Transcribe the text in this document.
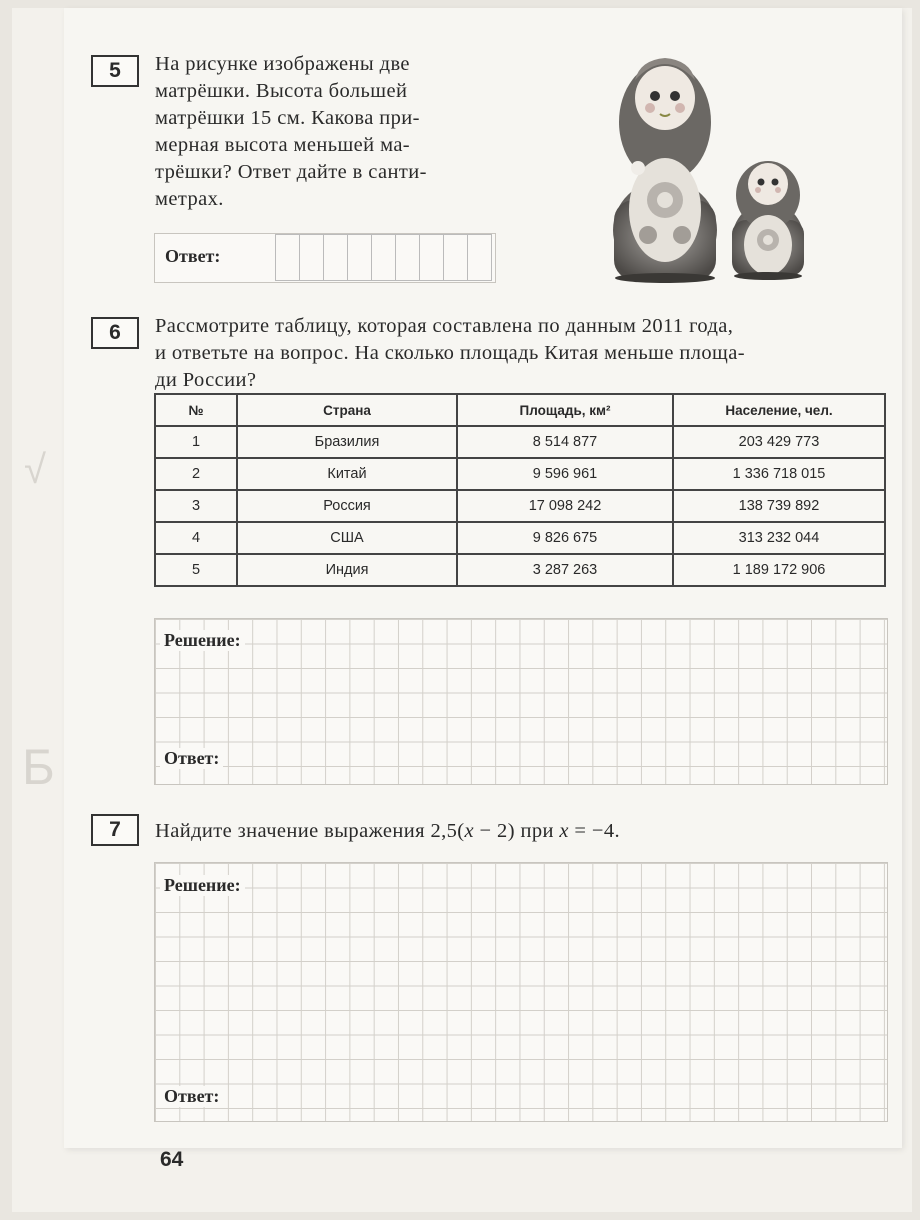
Б
√
5	На рисунке изображены две
матрёшки. Высота большей
матрёшки 15 см. Какова при-
мерная высота меньшей ма-
трёшки? Ответ дайте в санти-
метрах.
Ответ:
6	Рассмотрите таблицу, которая составлена по данным 2011 года,
и ответьте на вопрос. На сколько площадь Китая меньше площа-
ди России?
№	Страна	Площадь, км²	Население, чел.
1	Бразилия	8 514 877	203 429 773
2	Китай	9 596 961	1 336 718 015
3	Россия	17 098 242	138 739 892
4	США	9 826 675	313 232 044
5	Индия	3 287 263	1 189 172 906
Решение:
Ответ:
7	Найдите значение выражения 2,5(x − 2) при x = −4.
Решение:
Ответ:
64
